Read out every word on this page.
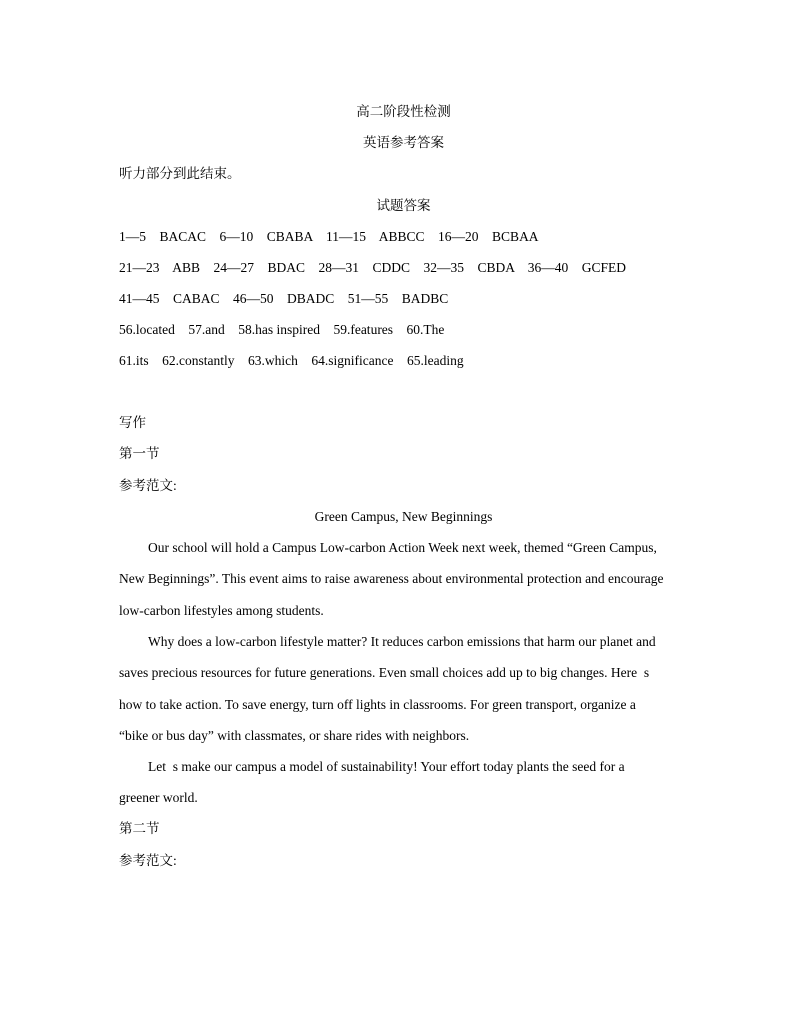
高二阶段性检测
英语参考答案
听力部分到此结束。
试题答案
1—5    BACAC    6—10    CBABA    11—15    ABBCC    16—20    BCBAA
21—23    ABB    24—27    BDAC    28—31    CDDC    32—35    CBDA    36—40    GCFED
41—45    CABAC    46—50    DBADC    51—55    BADBC
56.located    57.and    58.has inspired    59.features    60.The
61.its    62.constantly    63.which    64.significance    65.leading
写作
第一节
参考范文:
Green Campus, New Beginnings
Our school will hold a Campus Low-carbon Action Week next week, themed “Green Campus,
New Beginnings”. This event aims to raise awareness about environmental protection and encourage
low-carbon lifestyles among students.
Why does a low-carbon lifestyle matter? It reduces carbon emissions that harm our planet and
saves precious resources for future generations. Even small choices add up to big changes. Here  s
how to take action. To save energy, turn off lights in classrooms. For green transport, organize a
“bike or bus day” with classmates, or share rides with neighbors.
Let  s make our campus a model of sustainability! Your effort today plants the seed for a
greener world.
第二节
参考范文:
